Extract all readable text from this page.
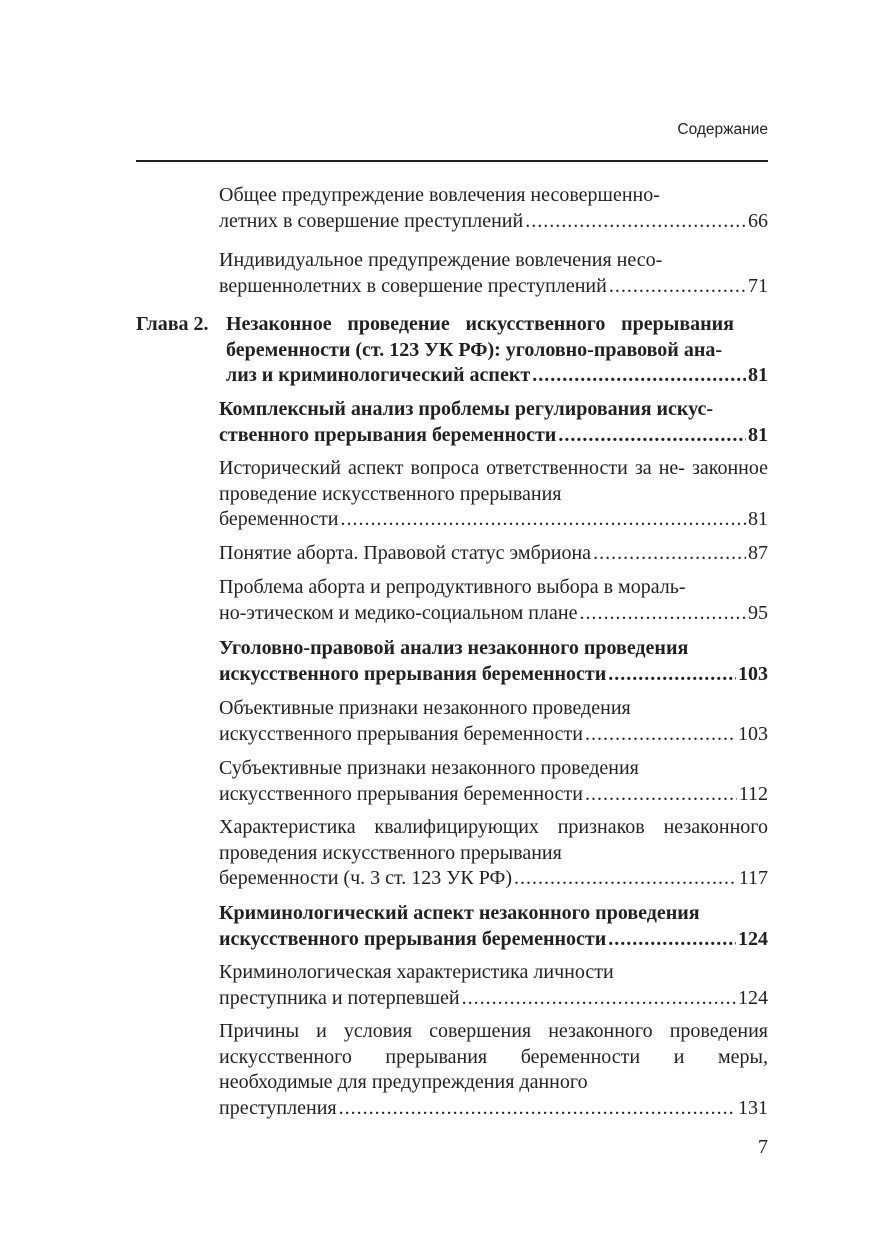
Содержание
Общее предупреждение вовлечения несовершенно-
летних в совершение преступлений .....	66
Индивидуальное предупреждение вовлечения несо-
вершеннолетних в совершение преступлений .....	71
Глава 2. Незаконное проведение искусственного прерывания беременности (ст. 123 УК РФ): уголовно-правовой ана-
лиз и криминологический аспект .....	81
Комплексный анализ проблемы регулирования искус-
ственного прерывания беременности .....	81
Исторический аспект вопроса ответственности за не- законное проведение искусственного прерывания
беременности .....	81
Понятие аборта. Правовой статус эмбриона .....	87
Проблема аборта и репродуктивного выбора в мораль-
но-этическом и медико-социальном плане .....	95
Уголовно-правовой анализ незаконного проведения
искусственного прерывания беременности .....	103
Объективные признаки незаконного проведения
искусственного прерывания беременности .....	103
Субъективные признаки незаконного проведения
искусственного прерывания беременности .....	112
Характеристика квалифицирующих признаков незаконного проведения искусственного прерывания
беременности (ч. 3 ст. 123 УК РФ) .....	117
Криминологический аспект незаконного проведения
искусственного прерывания беременности .....	124
Криминологическая характеристика личности
преступника и потерпевшей .....	124
Причины и условия совершения незаконного проведения искусственного прерывания беременности и меры, необходимые для предупреждения данного
преступления .....	131
7
